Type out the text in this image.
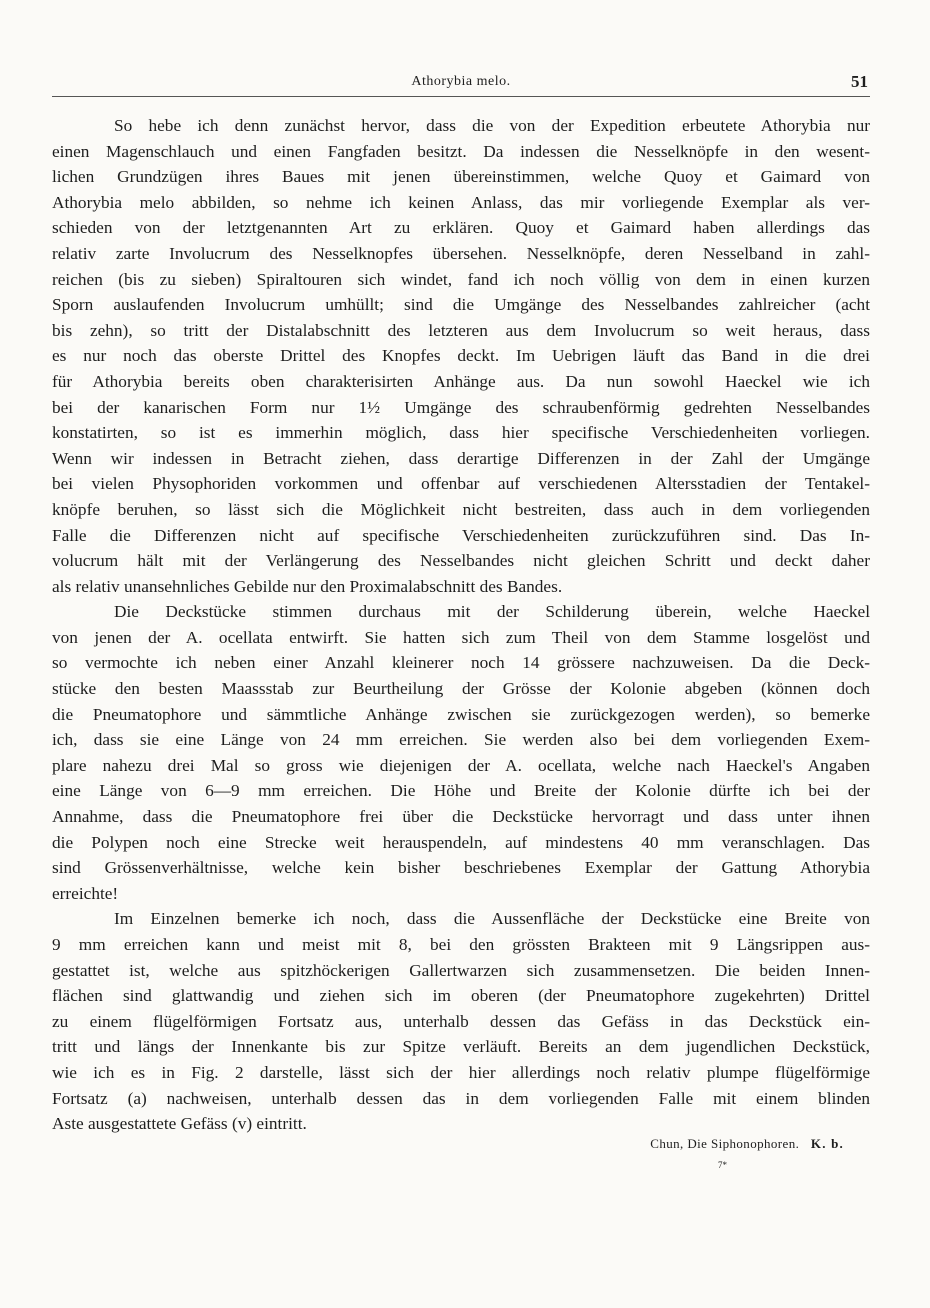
Athorybia melo.	51

So hebe ich denn zunächst hervor, dass die von der Expedition erbeutete Athorybia nur
einen Magenschlauch und einen Fangfaden besitzt. Da indessen die Nesselknöpfe in den wesent-
lichen Grundzügen ihres Baues mit jenen übereinstimmen, welche Quoy et Gaimard von
Athorybia melo abbilden, so nehme ich keinen Anlass, das mir vorliegende Exemplar als ver-
schieden von der letztgenannten Art zu erklären. Quoy et Gaimard haben allerdings das
relativ zarte Involucrum des Nesselknopfes übersehen. Nesselknöpfe, deren Nesselband in zahl-
reichen (bis zu sieben) Spiraltouren sich windet, fand ich noch völlig von dem in einen kurzen
Sporn auslaufenden Involucrum umhüllt; sind die Umgänge des Nesselbandes zahlreicher (acht
bis zehn), so tritt der Distalabschnitt des letzteren aus dem Involucrum so weit heraus, dass
es nur noch das oberste Drittel des Knopfes deckt. Im Uebrigen läuft das Band in die drei
für Athorybia bereits oben charakterisirten Anhänge aus. Da nun sowohl Haeckel wie ich
bei der kanarischen Form nur 1½ Umgänge des schraubenförmig gedrehten Nesselbandes
konstatirten, so ist es immerhin möglich, dass hier specifische Verschiedenheiten vorliegen.
Wenn wir indessen in Betracht ziehen, dass derartige Differenzen in der Zahl der Umgänge
bei vielen Physophoriden vorkommen und offenbar auf verschiedenen Altersstadien der Tentakel-
knöpfe beruhen, so lässt sich die Möglichkeit nicht bestreiten, dass auch in dem vorliegenden
Falle die Differenzen nicht auf specifische Verschiedenheiten zurückzuführen sind. Das In-
volucrum hält mit der Verlängerung des Nesselbandes nicht gleichen Schritt und deckt daher
als relativ unansehnliches Gebilde nur den Proximalabschnitt des Bandes.

Die Deckstücke stimmen durchaus mit der Schilderung überein, welche Haeckel
von jenen der A. ocellata entwirft. Sie hatten sich zum Theil von dem Stamme losgelöst und
so vermochte ich neben einer Anzahl kleinerer noch 14 grössere nachzuweisen. Da die Deck-
stücke den besten Maassstab zur Beurtheilung der Grösse der Kolonie abgeben (können doch
die Pneumatophore und sämmtliche Anhänge zwischen sie zurückgezogen werden), so bemerke
ich, dass sie eine Länge von 24 mm erreichen. Sie werden also bei dem vorliegenden Exem-
plare nahezu drei Mal so gross wie diejenigen der A. ocellata, welche nach Haeckel's Angaben
eine Länge von 6—9 mm erreichen. Die Höhe und Breite der Kolonie dürfte ich bei der
Annahme, dass die Pneumatophore frei über die Deckstücke hervorragt und dass unter ihnen
die Polypen noch eine Strecke weit herauspendeln, auf mindestens 40 mm veranschlagen. Das
sind Grössenverhältnisse, welche kein bisher beschriebenes Exemplar der Gattung Athorybia
erreichte!

Im Einzelnen bemerke ich noch, dass die Aussenfläche der Deckstücke eine Breite von
9 mm erreichen kann und meist mit 8, bei den grössten Brakteen mit 9 Längsrippen aus-
gestattet ist, welche aus spitzhöckerigen Gallertwarzen sich zusammensetzen. Die beiden Innen-
flächen sind glattwandig und ziehen sich im oberen (der Pneumatophore zugekehrten) Drittel
zu einem flügelförmigen Fortsatz aus, unterhalb dessen das Gefäss in das Deckstück ein-
tritt und längs der Innenkante bis zur Spitze verläuft. Bereits an dem jugendlichen Deckstück,
wie ich es in Fig. 2 darstelle, lässt sich der hier allerdings noch relativ plumpe flügelförmige
Fortsatz (a) nachweisen, unterhalb dessen das in dem vorliegenden Falle mit einem blinden
Aste ausgestattete Gefäss (v) eintritt.

Chun, Die Siphonophoren. K. b.
7*
